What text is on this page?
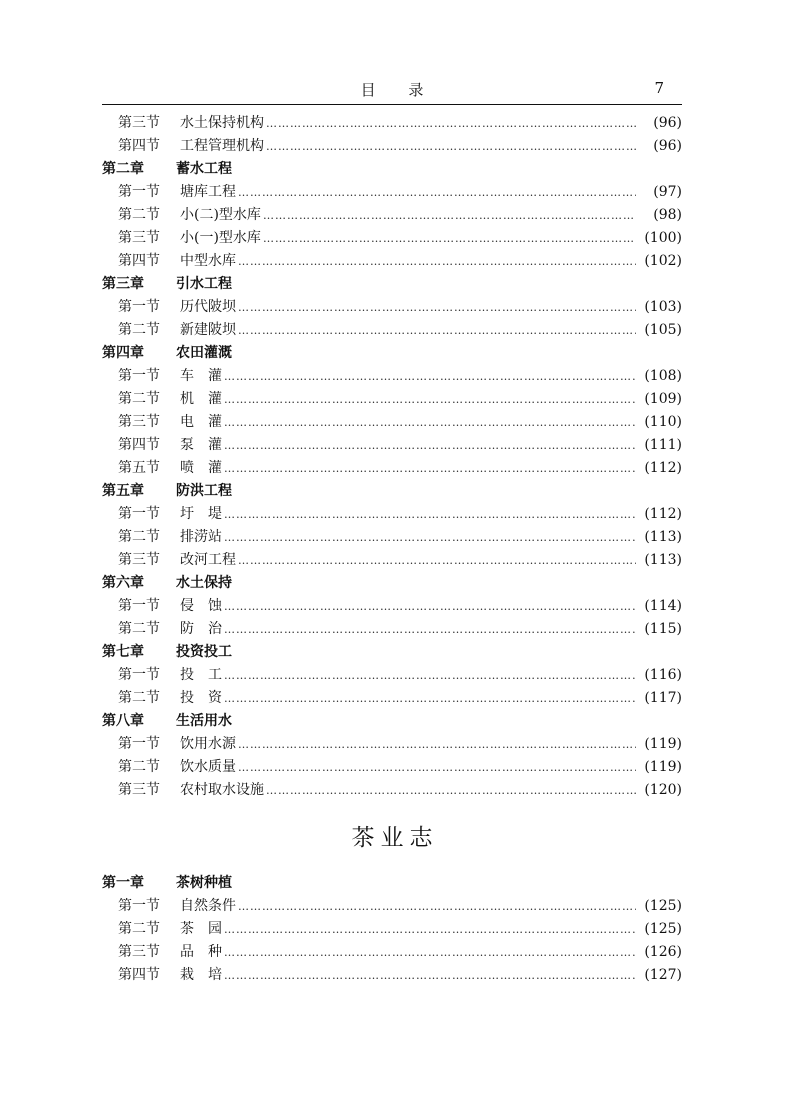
目 录	7
第三节	水土保持机构 ……………………………………………………………………………………………………………………………………………………………………………………	(96)
第四节	工程管理机构 ……………………………………………………………………………………………………………………………………………………………………………………	(96)
第二章 蓄水工程
第一节	塘库工程 ……………………………………………………………………………………………………………………………………………………………………………………	(97)
第二节	小(二)型水库 ……………………………………………………………………………………………………………………………………………………………………………………	(98)
第三节	小(一)型水库 ……………………………………………………………………………………………………………………………………………………………………………………	(100)
第四节	中型水库 ……………………………………………………………………………………………………………………………………………………………………………………	(102)
第三章 引水工程
第一节	历代陂坝 ……………………………………………………………………………………………………………………………………………………………………………………	(103)
第二节	新建陂坝 ……………………………………………………………………………………………………………………………………………………………………………………	(105)
第四章 农田灌溉
第一节	车　灌 ……………………………………………………………………………………………………………………………………………………………………………………	(108)
第二节	机　灌 ……………………………………………………………………………………………………………………………………………………………………………………	(109)
第三节	电　灌 ……………………………………………………………………………………………………………………………………………………………………………………	(110)
第四节	泵　灌 ……………………………………………………………………………………………………………………………………………………………………………………	(111)
第五节	喷　灌 ……………………………………………………………………………………………………………………………………………………………………………………	(112)
第五章 防洪工程
第一节	圩　堤 ……………………………………………………………………………………………………………………………………………………………………………………	(112)
第二节	排涝站 ……………………………………………………………………………………………………………………………………………………………………………………	(113)
第三节	改河工程 ……………………………………………………………………………………………………………………………………………………………………………………	(113)
第六章 水土保持
第一节	侵　蚀 ……………………………………………………………………………………………………………………………………………………………………………………	(114)
第二节	防　治 ……………………………………………………………………………………………………………………………………………………………………………………	(115)
第七章 投资投工
第一节	投　工 ……………………………………………………………………………………………………………………………………………………………………………………	(116)
第二节	投　资 ……………………………………………………………………………………………………………………………………………………………………………………	(117)
第八章 生活用水
第一节	饮用水源 ……………………………………………………………………………………………………………………………………………………………………………………	(119)
第二节	饮水质量 ……………………………………………………………………………………………………………………………………………………………………………………	(119)
第三节	农村取水设施 ……………………………………………………………………………………………………………………………………………………………………………………	(120)
茶业志
第一章 茶树种植
第一节	自然条件 ……………………………………………………………………………………………………………………………………………………………………………………	(125)
第二节	茶　园 ……………………………………………………………………………………………………………………………………………………………………………………	(125)
第三节	品　种 ……………………………………………………………………………………………………………………………………………………………………………………	(126)
第四节	栽　培 ……………………………………………………………………………………………………………………………………………………………………………………	(127)
